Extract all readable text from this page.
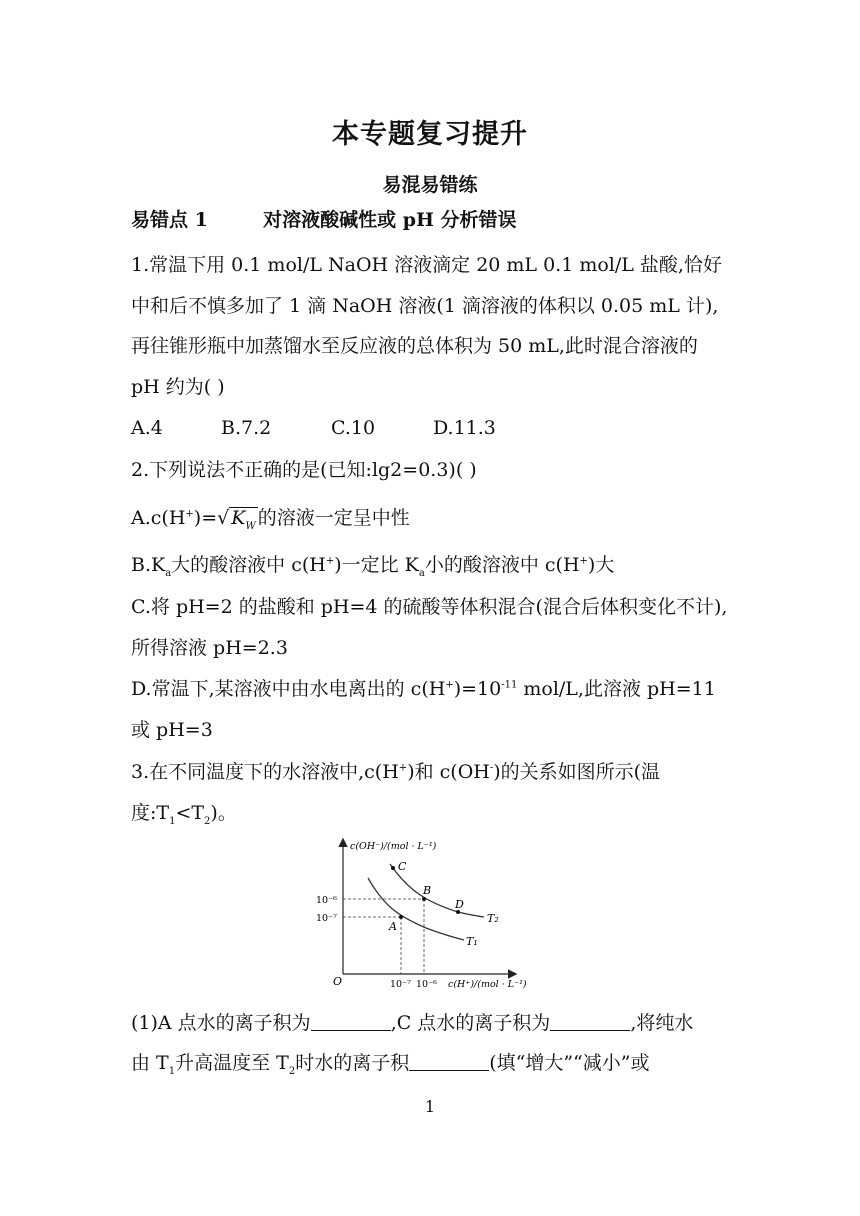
本专题复习提升
易混易错练
易错点 1	对溶液酸碱性或 pH 分析错误
1.常温下用 0.1 mol/L NaOH 溶液滴定 20 mL 0.1 mol/L 盐酸,恰好
中和后不慎多加了 1 滴 NaOH 溶液(1 滴溶液的体积以 0.05 mL 计),
再往锥形瓶中加蒸馏水至反应液的总体积为 50 mL,此时混合溶液的
pH 约为( )
A.4	B.7.2	C.10	D.11.3
2.下列说法不正确的是(已知:lg2=0.3)( )
A.c(H+)=√ $K_W$ 的溶液一定呈中性
$B.K_a$大的酸溶液中 c(H+)一定比 $K_a$小的酸溶液中 c(H+)大
C.将 pH=2 的盐酸和 pH=4 的硫酸等体积混合(混合后体积变化不计),
所得溶液 pH=2.3
D.常温下,某溶液中由水电离出的 $c(H^+)=10^{-11}$ mol/L,此溶液 pH=11
或 pH=3
3.在不同温度下的水溶液中,c(H+)和 c(OH-)的关系如图所示(温
度$:T_1<T_2$)。
c(OH⁻)/(mol · L⁻¹)
c(H⁺)/(mol · L⁻¹)
O
10⁻⁶
10⁻⁷
10⁻⁷ 10⁻⁶
C
B
D
A
T₂
T₁
(1)A 点水的离子积为	,C 点水的离子积为	,将纯水
由 $T_1$升高温度至 $T_2$时水的离子积	(填“增大”“减小”或
1
